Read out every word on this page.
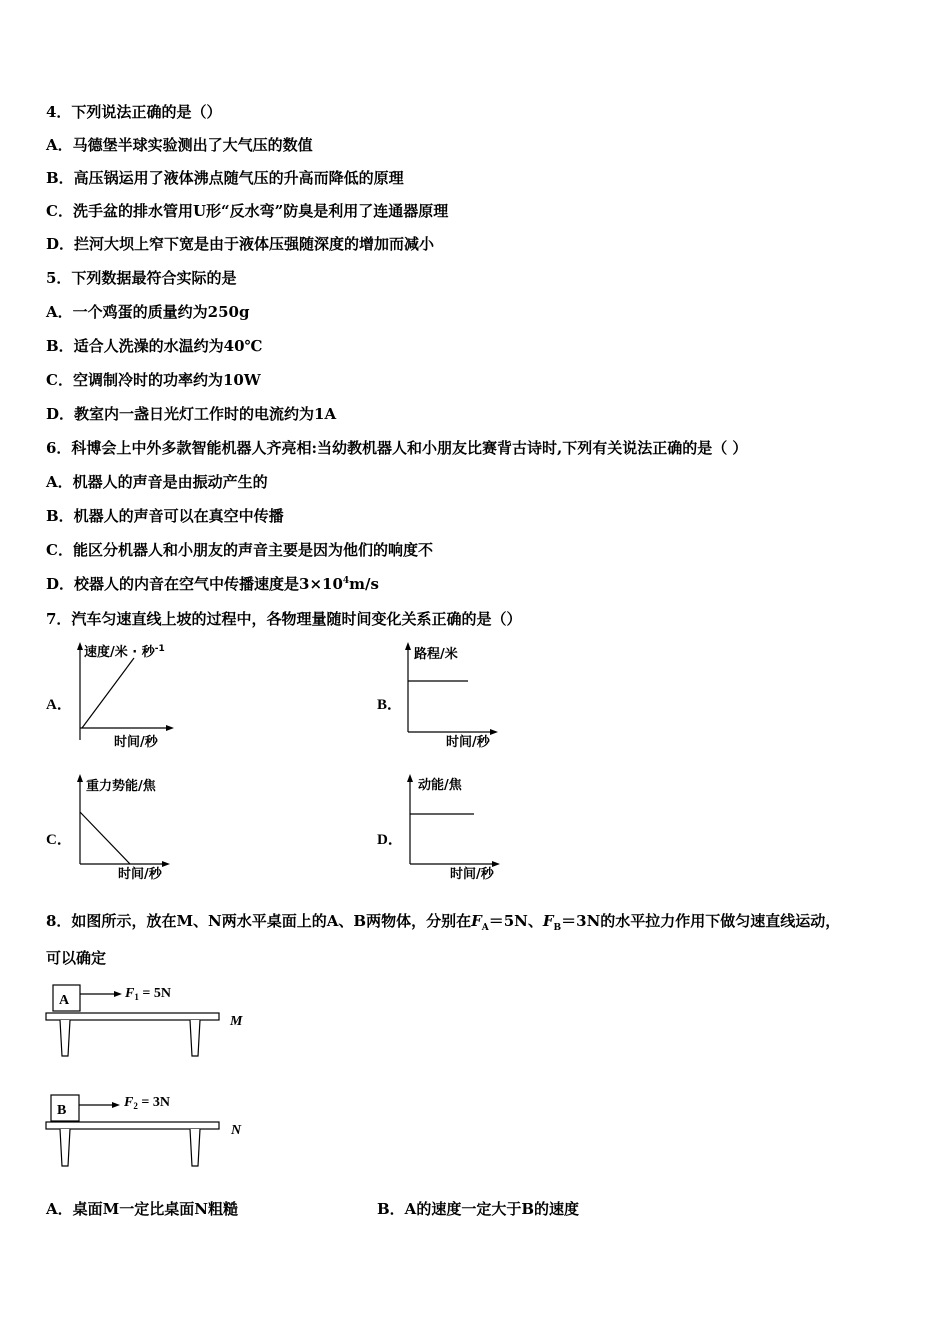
4．下列说法正确的是（）
A．马德堡半球实验测出了大气压的数值
B．高压锅运用了液体沸点随气压的升高而降低的原理
C．洗手盆的排水管用U形“反水弯”防臭是利用了连通器原理
D．拦河大坝上窄下宽是由于液体压强随深度的增加而减小
5．下列数据最符合实际的是
A．一个鸡蛋的质量约为250g
B．适合人洗澡的水温约为40℃
C．空调制冷时的功率约为10W
D．教室内一盏日光灯工作时的电流约为1A
6．科博会上中外多款智能机器人齐亮相:当幼教机器人和小朋友比赛背古诗时,下列有关说法正确的是（ ）
A．机器人的声音是由振动产生的
B．机器人的声音可以在真空中传播
C．能区分机器人和小朋友的声音主要是因为他们的响度不
D．校器人的内音在空气中传播速度是$3\times 10^4m/s$
7．汽车匀速直线上坡的过程中，各物理量随时间变化关系正确的是（）
A．
速度/米 · 秒$^{-1}$
时间/秒
B．
路程/米
时间/秒
C．
重力势能/焦
时间/秒
D．
动能/焦
时间/秒
8．如图所示，放在M、N两水平桌面上的A、B两物体，分别在$F_A=5N$、$F_B=3N$的水平拉力作用下做匀速直线运动，
可以确定
A	$F_1 = 5N$
M
B
$F_2 = 3N$
N
A．桌面M一定比桌面N粗糙	B．A的速度一定大于B的速度
